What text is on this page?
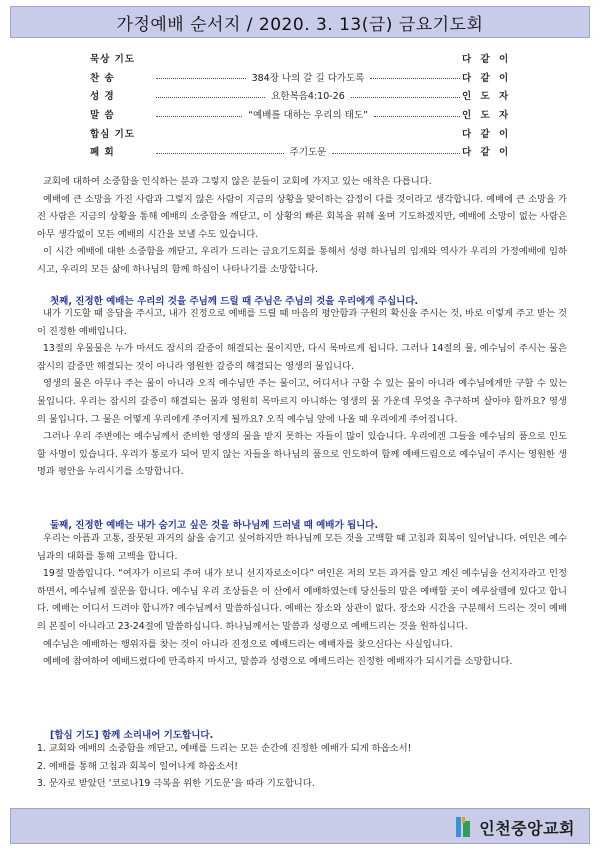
가정예배 순서지 / 2020. 3. 13(금) 금요기도회
묵상 기도	다 같 이
찬 송	384장 나의 갈 길 다가도록	다 같 이
성 경	요한복음4:10-26	인 도 자
말 씀	“예배를 대하는 우리의 태도”	인 도 자
합심 기도	다 같 이
폐 회	주기도문	다 같 이

교회에 대하여 소중함을 인식하는 분과 그렇지 않은 분들이 교회에 가지고 있는 애착은 다릅니다.

예배에 큰 소망을 가진 사람과 그렇지 않은 사람이 지금의 상황을 맞이하는 감정이 다를 것이라고 생각합니다. 예배에 큰 소망을 가진 사람은 지금의 상황을 통해 예배의 소중함을 깨닫고, 이 상황의 빠른 회복을 위해 울며 기도하겠지만, 예배에 소망이 없는 사람은 아무 생각없이 모든 예배의 시간을 보낼 수도 있습니다.

이 시간 예배에 대한 소중함을 깨닫고, 우리가 드리는 금요기도회를 통해서 성령 하나님의 임재와 역사가 우리의 가정예배에 임하시고, 우리의 모든 삶에 하나님의 함께 하심이 나타나기를 소망합니다.

첫째, 진정한 예배는 우리의 것을 주님께 드릴 때 주님은 주님의 것을 우리에게 주십니다.

내가 기도할 때 응답을 주시고, 내가 진정으로 예배를 드릴 때 마음의 평안함과 구원의 확신을 주시는 것, 바로 이렇게 주고 받는 것이 진정한 예배입니다.

13절의 우물물은 누가 마셔도 잠시의 갈증이 해결되는 물이지만, 다시 목마르게 됩니다. 그러나 14절의 물, 예수님이 주시는 물은 잠시의 갈증만 해결되는 것이 아니라 영원한 갈증의 해결되는 영생의 물입니다.

영생의 물은 아무나 주는 물이 아니라 오직 예수님만 주는 물이고, 어디서나 구할 수 있는 물이 아니라 예수님에게만 구할 수 있는 물입니다. 우리는 잠시의 갈증이 해결되는 물과 영원히 목마르지 아니하는 영생의 물 가운데 무엇을 추구하며 살아야 할까요? 영생의 물입니다. 그 물은 어떻게 우리에게 주어지게 될까요? 오직 예수님 앞에 나올 때 우리에게 주어집니다.

그러나 우리 주변에는 예수님께서 준비한 영생의 물을 받지 못하는 자들이 많이 있습니다. 우리에겐 그들을 예수님의 품으로 인도할 사명이 있습니다. 우리가 통로가 되어 믿지 않는 자들을 하나님의 품으로 인도하여 함께 예배드림으로 예수님이 주시는 영원한 생명과 평안을 누리시기를 소망합니다.

둘째, 진정한 예배는 내가 숨기고 싶은 것을 하나님께 드러낼 때 예배가 됩니다.

우리는 아픔과 고통, 잘못된 과거의 삶을 숨기고 싶어하지만 하나님께 모든 것을 고백할 때 고침과 회복이 일어납니다. 여인은 예수님과의 대화를 통해 고백을 합니다.

19절 말씀입니다. “여자가 이르되 주여 내가 보니 선지자로소이다” 여인은 저의 모든 과거를 알고 계신 예수님을 선지자라고 인정하면서, 예수님께 질문을 합니다. 예수님 우리 조상들은 이 산에서 예배하였는데 당신들의 말은 예배할 곳이 예루살렘에 있다고 합니다. 예배는 어디서 드려야 합니까? 예수님께서 말씀하십니다. 예배는 장소와 상관이 없다. 장소와 시간을 구분해서 드리는 것이 예배의 본질이 아니라고 23-24절에 말씀하십니다. 하나님께서는 말씀과 성령으로 예배드리는 것을 원하십니다.

예수님은 예배하는 행위자를 찾는 것이 아니라 진정으로 예배드리는 예배자를 찾으신다는 사실입니다.

예배에 참여하여 예배드렸다에 만족하지 마시고, 말씀과 성령으로 예배드리는 진정한 예배자가 되시기를 소망합니다.

[합심 기도] 함께 소리내어 기도합니다.
1. 교회와 예배의 소중함을 깨닫고, 예배를 드리는 모든 순간에 진정한 예배가 되게 하옵소서!
2. 예배를 통해 고침과 회복이 일어나게 하옵소서!
3. 문자로 받았던 ‘코로나19 극복을 위한 기도문’을 따라 기도합니다.
인천중앙교회
